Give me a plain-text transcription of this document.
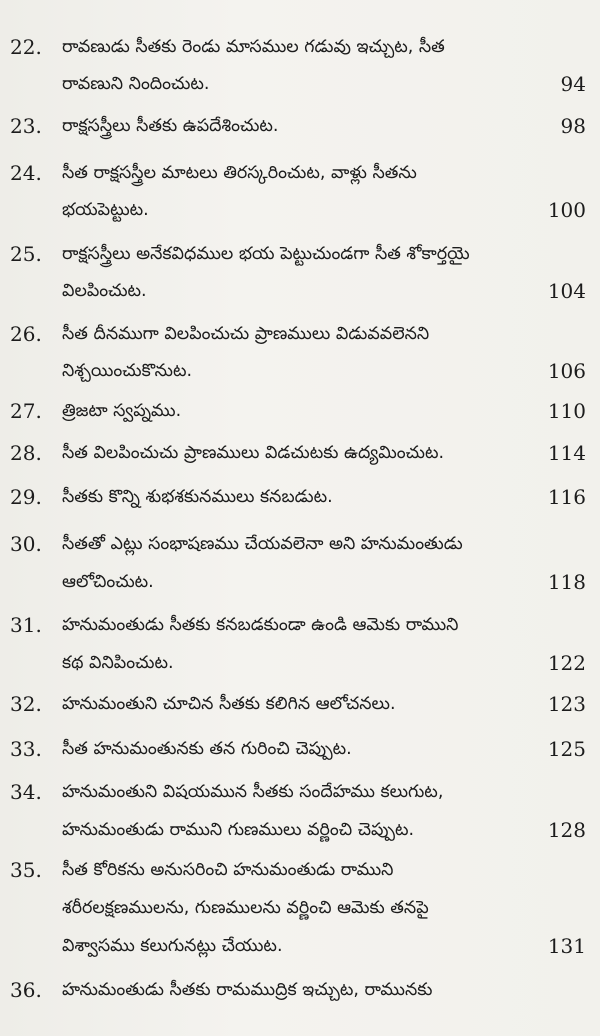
22.	రావణుడు సీతకు రెండు మాసముల గడువు ఇచ్చుట, సీత
రావణుని నిందించుట.	94
23.	రాక్షసస్త్రీలు సీతకు ఉపదేశించుట.	98
24.	సీత రాక్షసస్త్రీల మాటలు తిరస్కరించుట, వాళ్లు సీతను
భయపెట్టుట.	100
25.	రాక్షసస్త్రీలు అనేకవిధముల భయ పెట్టుచుండగా సీత శోకార్తయై
విలపించుట.	104
26.	సీత దీనముగా విలపించుచు ప్రాణములు విడువవలెనని
నిశ్చయించుకొనుట.	106
27.	త్రిజటా స్వప్నము.	110
28.	సీత విలపించుచు ప్రాణములు విడచుటకు ఉద్యమించుట.	114
29.	సీతకు కొన్ని శుభశకునములు కనబడుట.	116
30.	సీతతో ఎట్లు సంభాషణము చేయవలెనా అని హనుమంతుడు
ఆలోచించుట.	118
31.	హనుమంతుడు సీతకు కనబడకుండా ఉండి ఆమెకు రాముని
కథ వినిపించుట.	122
32.	హనుమంతుని చూచిన సీతకు కలిగిన ఆలోచనలు.	123
33.	సీత హనుమంతునకు తన గురించి చెప్పుట.	125
34.	హనుమంతుని విషయమున సీతకు సందేహము కలుగుట,
హనుమంతుడు రాముని గుణములు వర్ణించి చెప్పుట.	128
35.	సీత కోరికను అనుసరించి హనుమంతుడు రాముని
శరీరలక్షణములను, గుణములను వర్ణించి ఆమెకు తనపై
విశ్వాసము కలుగునట్లు చేయుట.	131
36.	హనుమంతుడు సీతకు రామముద్రిక ఇచ్చుట, రామునకు
